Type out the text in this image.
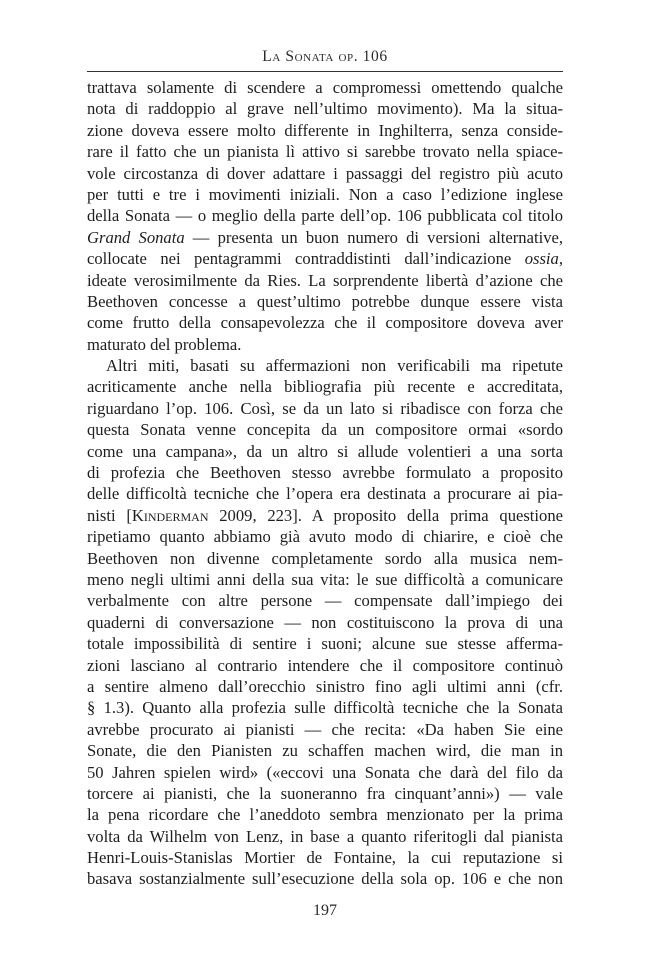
La Sonata op. 106
trattava solamente di scendere a compromessi omettendo qualche
nota di raddoppio al grave nell’ultimo movimento). Ma la situa-
zione doveva essere molto differente in Inghilterra, senza conside-
rare il fatto che un pianista lì attivo si sarebbe trovato nella spiace-
vole circostanza di dover adattare i passaggi del registro più acuto
per tutti e tre i movimenti iniziali. Non a caso l’edizione inglese
della Sonata — o meglio della parte dell’op. 106 pubblicata col titolo
Grand Sonata — presenta un buon numero di versioni alternative,
collocate nei pentagrammi contraddistinti dall’indicazione ossia,
ideate verosimilmente da Ries. La sorprendente libertà d’azione che
Beethoven concesse a quest’ultimo potrebbe dunque essere vista
come frutto della consapevolezza che il compositore doveva aver
maturato del problema.
Altri miti, basati su affermazioni non verificabili ma ripetute
acriticamente anche nella bibliografia più recente e accreditata,
riguardano l’op. 106. Così, se da un lato si ribadisce con forza che
questa Sonata venne concepita da un compositore ormai «sordo
come una campana», da un altro si allude volentieri a una sorta
di profezia che Beethoven stesso avrebbe formulato a proposito
delle difficoltà tecniche che l’opera era destinata a procurare ai pia-
nisti [Kinderman 2009, 223]. A proposito della prima questione
ripetiamo quanto abbiamo già avuto modo di chiarire, e cioè che
Beethoven non divenne completamente sordo alla musica nem-
meno negli ultimi anni della sua vita: le sue difficoltà a comunicare
verbalmente con altre persone — compensate dall’impiego dei
quaderni di conversazione — non costituiscono la prova di una
totale impossibilità di sentire i suoni; alcune sue stesse afferma-
zioni lasciano al contrario intendere che il compositore continuò
a sentire almeno dall’orecchio sinistro fino agli ultimi anni (cfr.
§ 1.3). Quanto alla profezia sulle difficoltà tecniche che la Sonata
avrebbe procurato ai pianisti — che recita: «Da haben Sie eine
Sonate, die den Pianisten zu schaffen machen wird, die man in
50 Jahren spielen wird» («eccovi una Sonata che darà del filo da
torcere ai pianisti, che la suoneranno fra cinquant’anni») — vale
la pena ricordare che l’aneddoto sembra menzionato per la prima
volta da Wilhelm von Lenz, in base a quanto riferitogli dal pianista
Henri-Louis-Stanislas Mortier de Fontaine, la cui reputazione si
basava sostanzialmente sull’esecuzione della sola op. 106 e che non
197
